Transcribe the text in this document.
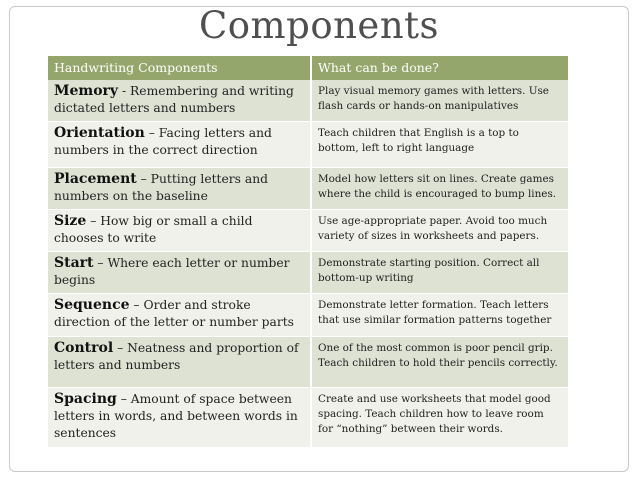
Components
Handwriting Components	What can be done?
Memory - Remembering and writing dictated letters and numbers	Play visual memory games with letters. Use flash cards or hands-on manipulatives
Orientation – Facing letters and numbers in the correct direction	Teach children that English is a top to bottom, left to right language
Placement – Putting letters and numbers on the baseline	Model how letters sit on lines. Create games where the child is encouraged to bump lines.
Size – How big or small a child chooses to write	Use age-appropriate paper. Avoid too much variety of sizes in worksheets and papers.
Start – Where each letter or number begins	Demonstrate starting position. Correct all bottom-up writing
Sequence – Order and stroke direction of the letter or number parts	Demonstrate letter formation. Teach letters that use similar formation patterns together
Control – Neatness and proportion of letters and numbers	One of the most common is poor pencil grip. Teach children to hold their pencils correctly.
Spacing – Amount of space between letters in words, and between words in sentences	Create and use worksheets that model good spacing. Teach children how to leave room for “nothing” between their words.
